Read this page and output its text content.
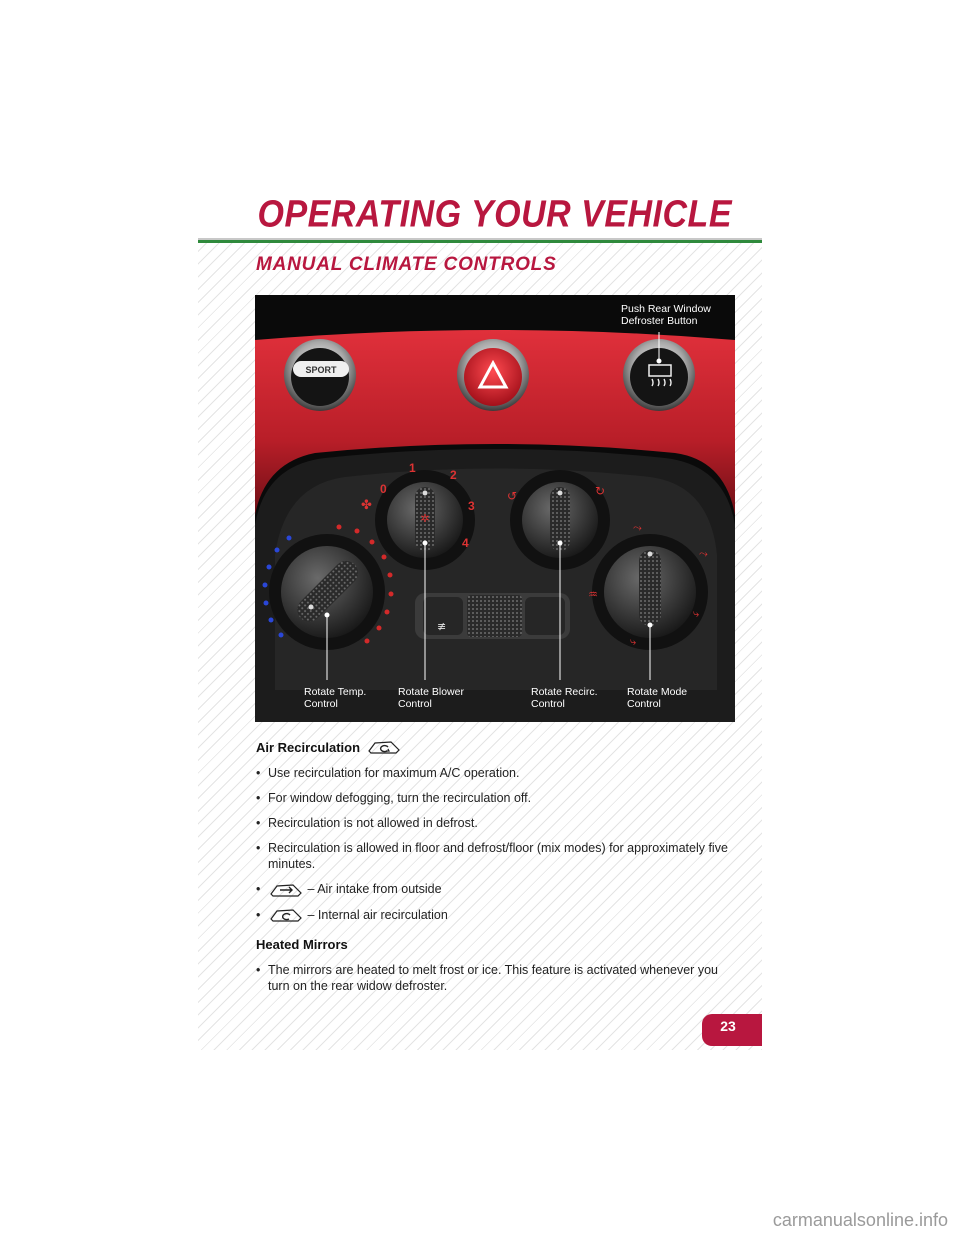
OPERATING YOUR VEHICLE
MANUAL CLIMATE CONTROLS
SPORT
✲
0
1	2
3
4
✤
↺	↻
♒
⤳
⤳
⤷
⤷
≢
Push Rear Window
Defroster Button
Rotate Temp.
Control
Rotate Blower
Control
Rotate Recirc.
Control
Rotate Mode
Control
Air Recirculation
• Use recirculation for maximum A/C operation.
• For window defogging, turn the recirculation off.
• Recirculation is not allowed in defrost.
• Recirculation is allowed in floor and defrost/floor (mix modes) for approximately five minutes.
•	– Air intake from outside
•	– Internal air recirculation
Heated Mirrors
• The mirrors are heated to melt frost or ice. This feature is activated whenever you turn on the rear widow defroster.
23
carmanualsonline.info
